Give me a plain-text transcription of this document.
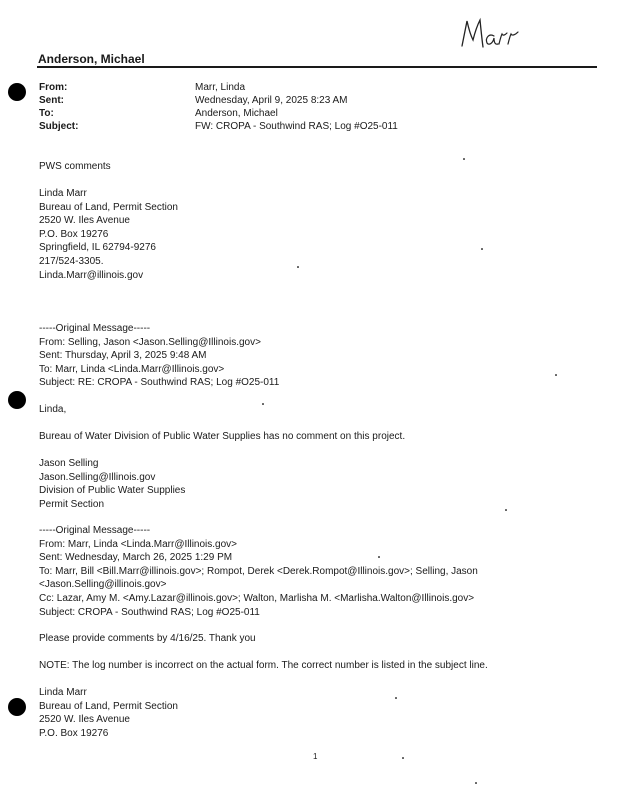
Anderson, Michael
From:	Marr, Linda
Sent:	Wednesday, April 9, 2025 8:23 AM
To:	Anderson, Michael
Subject:	FW: CROPA - Southwind RAS; Log #O25-011
PWS comments
Linda Marr
Bureau of Land, Permit Section
2520 W. Iles Avenue
P.O. Box 19276
Springfield, IL 62794-9276
217/524-3305.
Linda.Marr@illinois.gov
-----Original Message-----
From: Selling, Jason <Jason.Selling@Illinois.gov>
Sent: Thursday, April 3, 2025 9:48 AM
To: Marr, Linda <Linda.Marr@Illinois.gov>
Subject: RE: CROPA - Southwind RAS; Log #O25-011
Linda,
Bureau of Water Division of Public Water Supplies has no comment on this project.
Jason Selling
Jason.Selling@Illinois.gov
Division of Public Water Supplies
Permit Section
-----Original Message-----
From: Marr, Linda <Linda.Marr@Illinois.gov>
Sent: Wednesday, March 26, 2025 1:29 PM
To: Marr, Bill <Bill.Marr@illinois.gov>; Rompot, Derek <Derek.Rompot@Illinois.gov>; Selling, Jason
<Jason.Selling@illinois.gov>
Cc: Lazar, Amy M. <Amy.Lazar@illinois.gov>; Walton, Marlisha M. <Marlisha.Walton@Illinois.gov>
Subject: CROPA - Southwind RAS; Log #O25-011
Please provide comments by 4/16/25. Thank you
NOTE: The log number is incorrect on the actual form. The correct number is listed in the subject line.
Linda Marr
Bureau of Land, Permit Section
2520 W. Iles Avenue
P.O. Box 19276
1
